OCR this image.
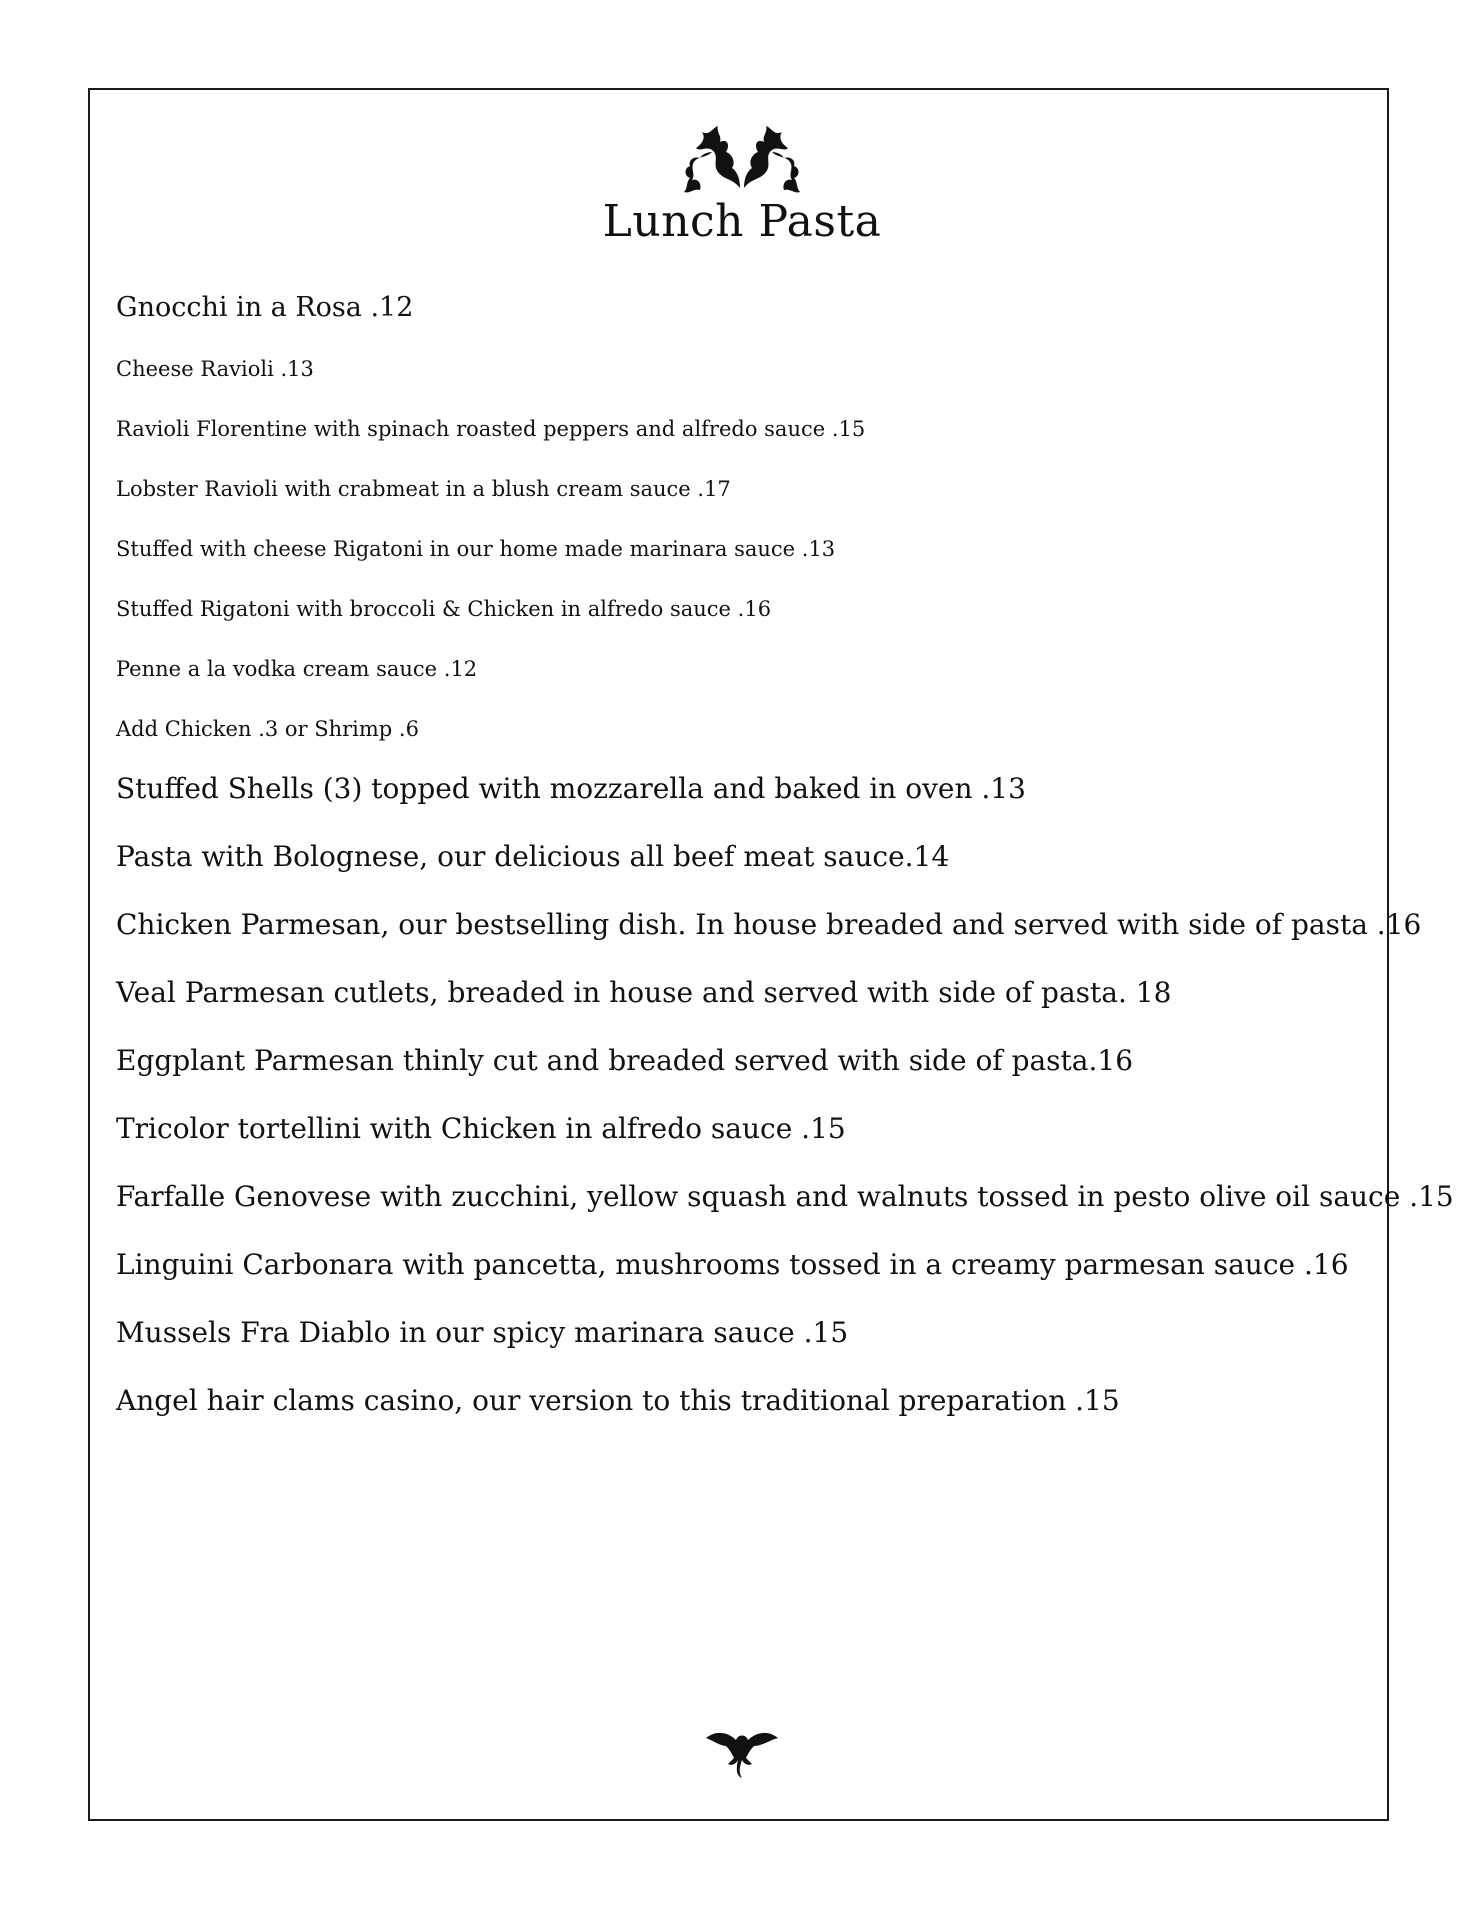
Lunch Pasta
Gnocchi in a Rosa .12
Cheese Ravioli .13
Ravioli Florentine with spinach roasted peppers and alfredo sauce .15
Lobster Ravioli with crabmeat in a blush cream sauce .17
Stuffed with cheese Rigatoni in our home made marinara sauce .13
Stuffed Rigatoni with broccoli & Chicken in alfredo sauce .16
Penne a la vodka cream sauce .12
Add Chicken .3 or Shrimp .6
Stuffed Shells (3) topped with mozzarella and baked in oven .13
Pasta with Bolognese, our delicious all beef meat sauce.14
Chicken Parmesan, our bestselling dish. In house breaded and served with side of pasta .16
Veal Parmesan cutlets, breaded in house and served with side of pasta. 18
Eggplant Parmesan thinly cut and breaded served with side of pasta.16
Tricolor tortellini with Chicken in alfredo sauce .15
Farfalle Genovese with zucchini, yellow squash and walnuts tossed in pesto olive oil sauce .15
Linguini Carbonara with pancetta, mushrooms tossed in a creamy parmesan sauce .16
Mussels Fra Diablo in our spicy marinara sauce .15
Angel hair clams casino, our version to this traditional preparation .15
